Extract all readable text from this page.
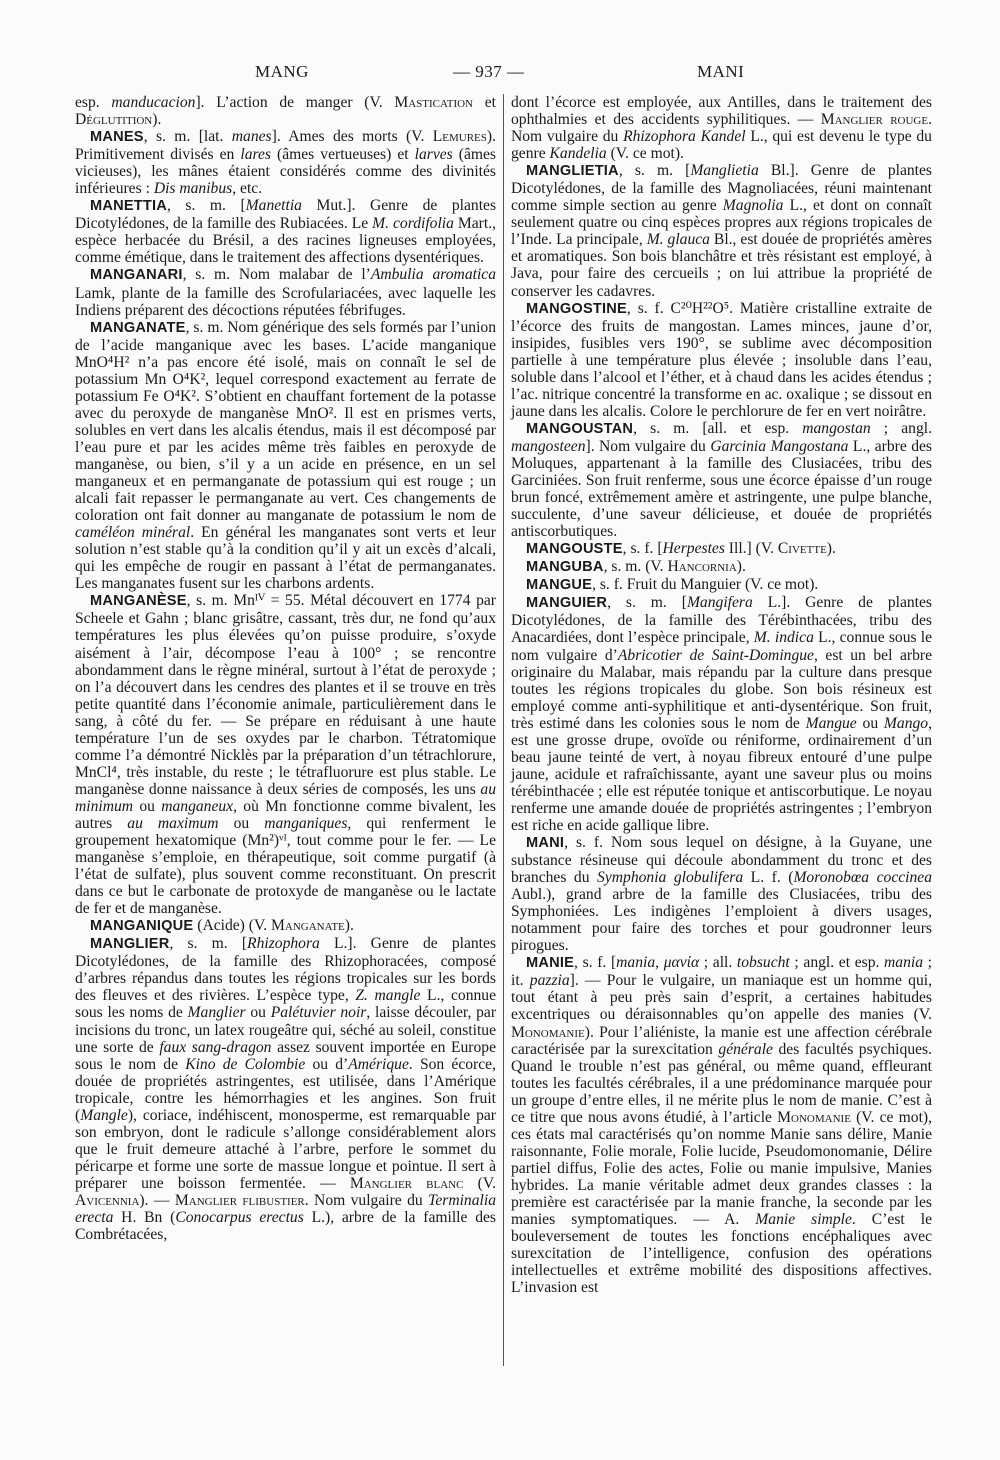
MANG	— 937 —	MANI

esp. manducacion]. L’action de manger (V. Mastication et Déglutition).

MANES, s. m. [lat. manes]. Ames des morts (V. Lemures). Primitivement divisés en lares (âmes vertueuses) et larves (âmes vicieuses), les mânes étaient considérés comme des divinités inférieures : Dis manibus, etc.

MANETTIA, s. m. [Manettia Mut.]. Genre de plantes Dicotylédones, de la famille des Rubiacées. Le M. cordifolia Mart., espèce herbacée du Brésil, a des racines ligneuses employées, comme émétique, dans le traitement des affections dysentériques.

MANGANARI, s. m. Nom malabar de l’Ambulia aromatica Lamk, plante de la famille des Scrofulariacées, avec laquelle les Indiens préparent des décoctions réputées fébrifuges.

MANGANATE, s. m. Nom générique des sels formés par l’union de l’acide manganique avec les bases. L’acide manganique MnO⁴H² n’a pas encore été isolé, mais on connaît le sel de potassium Mn O⁴K², lequel correspond exactement au ferrate de potassium Fe O⁴K². S’obtient en chauffant fortement de la potasse avec du peroxyde de manganèse MnO². Il est en prismes verts, solubles en vert dans les alcalis étendus, mais il est décomposé par l’eau pure et par les acides même très faibles en peroxyde de manganèse, ou bien, s’il y a un acide en présence, en un sel manganeux et en permanganate de potassium qui est rouge ; un alcali fait repasser le permanganate au vert. Ces changements de coloration ont fait donner au manganate de potassium le nom de caméléon minéral. En général les manganates sont verts et leur solution n’est stable qu’à la condition qu’il y ait un excès d’alcali, qui les empêche de rougir en passant à l’état de permanganates. Les manganates fusent sur les charbons ardents.

MANGANÈSE, s. m. Mnᴵⱽ = 55. Métal découvert en 1774 par Scheele et Gahn ; blanc grisâtre, cassant, très dur, ne fond qu’aux températures les plus élevées qu’on puisse produire, s’oxyde aisément à l’air, décompose l’eau à 100° ; se rencontre abondamment dans le règne minéral, surtout à l’état de peroxyde ; on l’a découvert dans les cendres des plantes et il se trouve en très petite quantité dans l’économie animale, particulièrement dans le sang, à côté du fer. — Se prépare en réduisant à une haute température l’un de ses oxydes par le charbon. Tétratomique comme l’a démontré Nicklès par la préparation d’un tétrachlorure, MnCl⁴, très instable, du reste ; le tétrafluorure est plus stable. Le manganèse donne naissance à deux séries de composés, les uns au minimum ou manganeux, où Mn fonctionne comme bivalent, les autres au maximum ou manganiques, qui renferment le groupement hexatomique (Mn²)ᵛᴵ, tout comme pour le fer. — Le manganèse s’emploie, en thérapeutique, soit comme purgatif (à l’état de sulfate), plus souvent comme reconstituant. On prescrit dans ce but le carbonate de protoxyde de manganèse ou le lactate de fer et de manganèse.

MANGANIQUE (Acide) (V. Manganate).

MANGLIER, s. m. [Rhizophora L.]. Genre de plantes Dicotylédones, de la famille des Rhizophoracées, composé d’arbres répandus dans toutes les régions tropicales sur les bords des fleuves et des rivières. L’espèce type, Z. mangle L., connue sous les noms de Manglier ou Palétuvier noir, laisse découler, par incisions du tronc, un latex rougeâtre qui, séché au soleil, constitue une sorte de faux sang-dragon assez souvent importée en Europe sous le nom de Kino de Colombie ou d’Amérique. Son écorce, douée de propriétés astringentes, est utilisée, dans l’Amérique tropicale, contre les hémorrhagies et les angines. Son fruit (Mangle), coriace, indéhiscent, monosperme, est remarquable par son embryon, dont le radicule s’allonge considérablement alors que le fruit demeure attaché à l’arbre, perfore le sommet du péricarpe et forme une sorte de massue longue et pointue. Il sert à préparer une boisson fermentée. — Manglier blanc (V. Avicennia). — Manglier flibustier. Nom vulgaire du Terminalia erecta H. Bn (Conocarpus erectus L.), arbre de la famille des Combrétacées,

dont l’écorce est employée, aux Antilles, dans le traitement des ophthalmies et des accidents syphilitiques. — Manglier rouge. Nom vulgaire du Rhizophora Kandel L., qui est devenu le type du genre Kandelia (V. ce mot).

MANGLIETIA, s. m. [Manglietia Bl.]. Genre de plantes Dicotylédones, de la famille des Magnoliacées, réuni maintenant comme simple section au genre Magnolia L., et dont on connaît seulement quatre ou cinq espèces propres aux régions tropicales de l’Inde. La principale, M. glauca Bl., est douée de propriétés amères et aromatiques. Son bois blanchâtre et très résistant est employé, à Java, pour faire des cercueils ; on lui attribue la propriété de conserver les cadavres.

MANGOSTINE, s. f. C²⁰H²²O⁵. Matière cristalline extraite de l’écorce des fruits de mangostan. Lames minces, jaune d’or, insipides, fusibles vers 190°, se sublime avec décomposition partielle à une température plus élevée ; insoluble dans l’eau, soluble dans l’alcool et l’éther, et à chaud dans les acides étendus ; l’ac. nitrique concentré la transforme en ac. oxalique ; se dissout en jaune dans les alcalis. Colore le perchlorure de fer en vert noirâtre.

MANGOUSTAN, s. m. [all. et esp. mangostan ; angl. mangosteen]. Nom vulgaire du Garcinia Mangostana L., arbre des Moluques, appartenant à la famille des Clusiacées, tribu des Garciniées. Son fruit renferme, sous une écorce épaisse d’un rouge brun foncé, extrêmement amère et astringente, une pulpe blanche, succulente, d’une saveur délicieuse, et douée de propriétés antiscorbutiques.

MANGOUSTE, s. f. [Herpestes Ill.] (V. Civette).

MANGUBA, s. m. (V. Hancornia).

MANGUE, s. f. Fruit du Manguier (V. ce mot).

MANGUIER, s. m. [Mangifera L.]. Genre de plantes Dicotylédones, de la famille des Térébinthacées, tribu des Anacardiées, dont l’espèce principale, M. indica L., connue sous le nom vulgaire d’Abricotier de Saint-Domingue, est un bel arbre originaire du Malabar, mais répandu par la culture dans presque toutes les régions tropicales du globe. Son bois résineux est employé comme anti-syphilitique et anti-dysentérique. Son fruit, très estimé dans les colonies sous le nom de Mangue ou Mango, est une grosse drupe, ovoïde ou réniforme, ordinairement d’un beau jaune teinté de vert, à noyau fibreux entouré d’une pulpe jaune, acidule et rafraîchissante, ayant une saveur plus ou moins térébinthacée ; elle est réputée tonique et antiscorbutique. Le noyau renferme une amande douée de propriétés astringentes ; l’embryon est riche en acide gallique libre.

MANI, s. f. Nom sous lequel on désigne, à la Guyane, une substance résineuse qui découle abondamment du tronc et des branches du Symphonia globulifera L. f. (Moronobœa coccinea Aubl.), grand arbre de la famille des Clusiacées, tribu des Symphoniées. Les indigènes l’emploient à divers usages, notamment pour faire des torches et pour goudronner leurs pirogues.

MANIE, s. f. [mania, μανία ; all. tobsucht ; angl. et esp. mania ; it. pazzia]. — Pour le vulgaire, un maniaque est un homme qui, tout étant à peu près sain d’esprit, a certaines habitudes excentriques ou déraisonnables qu’on appelle des manies (V. Monomanie). Pour l’aliéniste, la manie est une affection cérébrale caractérisée par la surexcitation générale des facultés psychiques. Quand le trouble n’est pas général, ou même quand, effleurant toutes les facultés cérébrales, il a une prédominance marquée pour un groupe d’entre elles, il ne mérite plus le nom de manie. C’est à ce titre que nous avons étudié, à l’article Monomanie (V. ce mot), ces états mal caractérisés qu’on nomme Manie sans délire, Manie raisonnante, Folie morale, Folie lucide, Pseudomonomanie, Délire partiel diffus, Folie des actes, Folie ou manie impulsive, Manies hybrides. La manie véritable admet deux grandes classes : la première est caractérisée par la manie franche, la seconde par les manies symptomatiques. — A. Manie simple. C’est le bouleversement de toutes les fonctions encéphaliques avec surexcitation de l’intelligence, confusion des opérations intellectuelles et extrême mobilité des dispositions affectives. L’invasion est
